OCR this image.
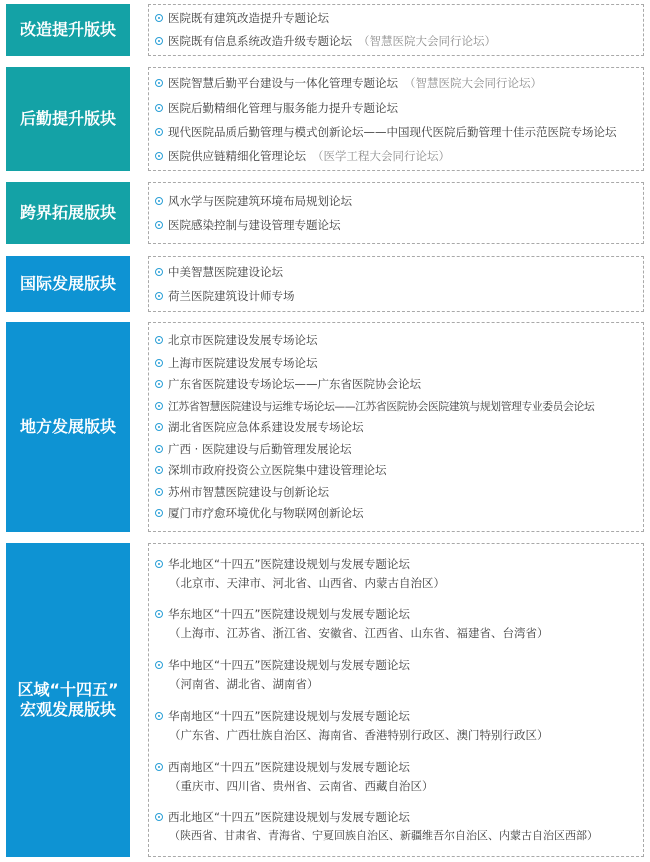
改造提升版块
医院既有建筑改造提升专题论坛
医院既有信息系统改造升级专题论坛 （智慧医院大会同行论坛）
后勤提升版块
医院智慧后勤平台建设与一体化管理专题论坛 （智慧医院大会同行论坛）
医院后勤精细化管理与服务能力提升专题论坛
现代医院品质后勤管理与模式创新论坛——中国现代医院后勤管理十佳示范医院专场论坛
医院供应链精细化管理论坛 （医学工程大会同行论坛）
跨界拓展版块
风水学与医院建筑环境布局规划论坛
医院感染控制与建设管理专题论坛
国际发展版块
中美智慧医院建设论坛
荷兰医院建筑设计师专场
地方发展版块
北京市医院建设发展专场论坛
上海市医院建设发展专场论坛
广东省医院建设专场论坛——广东省医院协会论坛
江苏省智慧医院建设与运维专场论坛——江苏省医院协会医院建筑与规划管理专业委员会论坛
湖北省医院应急体系建设发展专场论坛
广西 · 医院建设与后勤管理发展论坛
深圳市政府投资公立医院集中建设管理论坛
苏州市智慧医院建设与创新论坛
厦门市疗愈环境优化与物联网创新论坛
区域“十四五”
宏观发展版块
华北地区“十四五”医院建设规划与发展专题论坛
（北京市、天津市、河北省、山西省、内蒙古自治区）
华东地区“十四五”医院建设规划与发展专题论坛
（上海市、江苏省、浙江省、安徽省、江西省、山东省、福建省、台湾省）
华中地区“十四五”医院建设规划与发展专题论坛
（河南省、湖北省、湖南省）
华南地区“十四五”医院建设规划与发展专题论坛
（广东省、广西壮族自治区、海南省、香港特别行政区、澳门特别行政区）
西南地区“十四五”医院建设规划与发展专题论坛
（重庆市、四川省、贵州省、云南省、西藏自治区）
西北地区“十四五”医院建设规划与发展专题论坛
（陕西省、甘肃省、青海省、宁夏回族自治区、新疆维吾尔自治区、内蒙古自治区西部）
